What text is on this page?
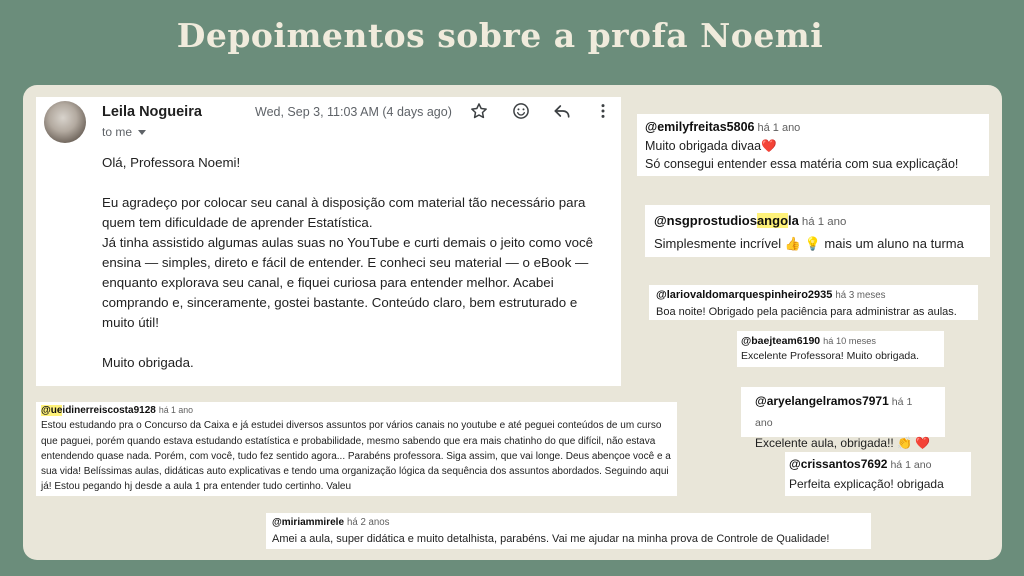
Depoimentos sobre a profa Noemi
Leila Nogueira
to me
Wed, Sep 3, 11:03 AM (4 days ago)

Olá, Professora Noemi!

Eu agradeço por colocar seu canal à disposição com material tão necessário para quem tem dificuldade de aprender Estatística.

Já tinha assistido algumas aulas suas no YouTube e curti demais o jeito como você ensina — simples, direto e fácil de entender. E conheci seu material — o eBook — enquanto explorava seu canal, e fiquei curiosa para entender melhor. Acabei comprando e, sinceramente, gostei bastante. Conteúdo claro, bem estruturado e muito útil!

Muito obrigada.

@emilyfreitas5806 há 1 ano
Muito obrigada divaa❤️
Só consegui entender essa matéria com sua explicação!
@nsgprostudiosangola há 1 ano
Simplesmente incrível 👍 💡 mais um aluno na turma
@lariovaldomarquespinheiro2935 há 3 meses
Boa noite! Obrigado pela paciência para administrar as aulas.
@baejteam6190 há 10 meses
Excelente Professora! Muito obrigada.
@aryelangelramos7971 há 1 ano
Excelente aula, obrigada!! 👏 ❤️
@crissantos7692 há 1 ano
Perfeita explicação! obrigada
@ueidinerreiscosta9128 há 1 ano
Estou estudando pra o Concurso da Caixa e já estudei diversos assuntos por vários canais no youtube e até peguei conteúdos de um curso que paguei, porém quando estava estudando estatística e probabilidade, mesmo sabendo que era mais chatinho do que difícil, não estava entendendo quase nada. Porém, com você, tudo fez sentido agora... Parabéns professora. Siga assim, que vai longe. Deus abençoe você e a sua vida! Belíssimas aulas, didáticas auto explicativas e tendo uma organização lógica da sequência dos assuntos abordados. Seguindo aqui já! Estou pegando hj desde a aula 1 pra entender tudo certinho. Valeu
@miriammirele há 2 anos
Amei a aula, super didática e muito detalhista, parabéns. Vai me ajudar na minha prova de Controle de Qualidade!
